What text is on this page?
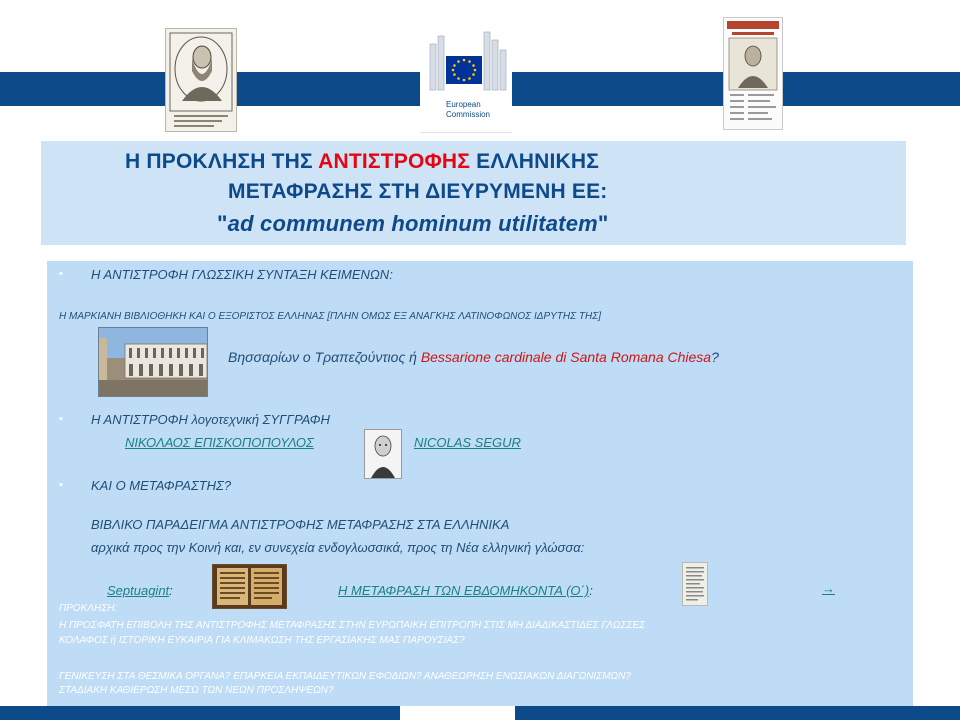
European
Commission
Η ΠΡΟΚΛΗΣΗ ΤΗΣ ΑΝΤΙΣΤΡΟΦΗΣ ΕΛΛΗΝΙΚΗΣ
ΜΕΤΑΦΡΑΣΗΣ ΣΤΗ ΔΙΕΥΡΥΜΕΝΗ ΕΕ:
"ad communem hominum utilitatem"
• Η ΑΝΤΙΣΤΡΟΦΗ ΓΛΩΣΣΙΚΗ ΣΥΝΤΑΞΗ ΚΕΙΜΕΝΩΝ:
Η ΜΑΡΚΙΑΝΗ ΒΙΒΛΙΟΘΗΚΗ ΚΑΙ Ο ΕΞΟΡΙΣΤΟΣ ΕΛΛΗΝΑΣ [ΠΛΗΝ ΟΜΩΣ ΕΞ ΑΝΑΓΚΗΣ ΛΑΤΙΝΟΦΩΝΟΣ ΙΔΡΥΤΗΣ ΤΗΣ]
Βησσαρίων ο Τραπεζούντιος ή Bessarione cardinale di Santa Romana Chiesa?
• Η ΑΝΤΙΣΤΡΟΦΗ λογοτεχνική ΣΥΓΓΡΑΦΗ
ΝΙΚΟΛΑΟΣ ΕΠΙΣΚΟΠΟΠΟΥΛΟΣ	NICOLAS SEGUR
• ΚΑΙ Ο ΜΕΤΑΦΡΑΣΤΗΣ?
ΒΙΒΛΙΚΟ ΠΑΡΑΔΕΙΓΜΑ ΑΝΤΙΣΤΡΟΦΗΣ ΜΕΤΑΦΡΑΣΗΣ ΣΤΑ ΕΛΛΗΝΙΚΑ
αρχικά προς την Κοινή και, εν συνεχεία ενδογλωσσικά, προς τη Νέα ελληνική γλώσσα:
Septuagint:	Η ΜΕΤΑΦΡΑΣΗ ΤΩΝ ΕΒΔΟΜΗΚΟΝΤΑ (Ο΄):	→
ΠΡΟΚΛΗΣΗ:
Η ΠΡΟΣΦΑΤΗ ΕΠΙΒΟΛΗ ΤΗΣ ΑΝΤΙΣΤΡΟΦΗΣ ΜΕΤΑΦΡΑΣΗΣ ΣΤΗΝ ΕΥΡΩΠΑΙΚΗ ΕΠΙΤΡΟΠΗ ΣΤΙΣ ΜΗ ΔΙΑΔΙΚΑΣΤΙΔΕΣ ΓΛΩΣΣΕΣ
ΚΟΛΑΦΟΣ ή ΙΣΤΟΡΙΚΗ ΕΥΚΑΙΡΙΑ ΓΙΑ ΚΛΙΜΑΚΩΣΗ ΤΗΣ ΕΡΓΑΣΙΑΚΗΣ ΜΑΣ ΠΑΡΟΥΣΙΑΣ?
ΓΕΝΙΚΕΥΣΗ ΣΤΑ ΘΕΣΜΙΚΑ ΟΡΓΑΝΑ? ΕΠΑΡΚΕΙΑ ΕΚΠΑΙΔΕΥΤΙΚΩΝ ΕΦΟΔΙΩΝ? ΑΝΑΘΕΩΡΗΣΗ ΕΝΩΣΙΑΚΩΝ ΔΙΑΓΩΝΙΣΜΩΝ?
ΣΤΑΔΙΑΚΗ ΚΑΘΙΕΡΩΣΗ ΜΕΣΩ ΤΩΝ ΝΕΩΝ ΠΡΟΣΛΗΨΕΩΝ?
